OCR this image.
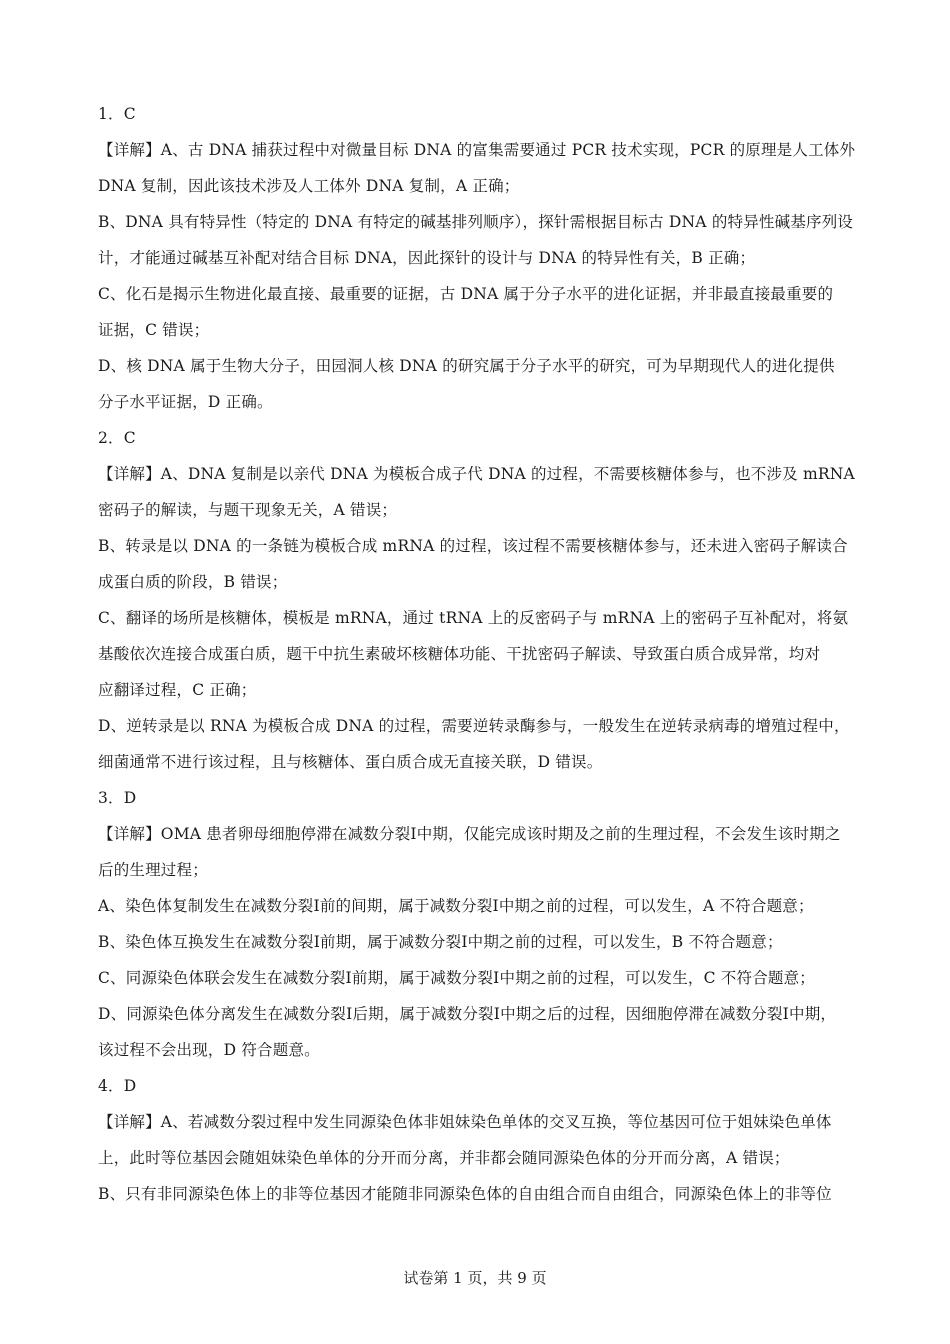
1．C
【详解】A、古 DNA 捕获过程中对微量目标 DNA 的富集需要通过 PCR 技术实现，PCR 的原理是人工体外
DNA 复制，因此该技术涉及人工体外 DNA 复制，A 正确；
B、DNA 具有特异性（特定的 DNA 有特定的碱基排列顺序），探针需根据目标古 DNA 的特异性碱基序列设
计，才能通过碱基互补配对结合目标 DNA，因此探针的设计与 DNA 的特异性有关，B 正确；
C、化石是揭示生物进化最直接、最重要的证据，古 DNA 属于分子水平的进化证据，并非最直接最重要的
证据，C 错误；
D、核 DNA 属于生物大分子，田园洞人核 DNA 的研究属于分子水平的研究，可为早期现代人的进化提供
分子水平证据，D 正确。
2．C
【详解】A、DNA 复制是以亲代 DNA 为模板合成子代 DNA 的过程，不需要核糖体参与，也不涉及 mRNA
密码子的解读，与题干现象无关，A 错误；
B、转录是以 DNA 的一条链为模板合成 mRNA 的过程，该过程不需要核糖体参与，还未进入密码子解读合
成蛋白质的阶段，B 错误；
C、翻译的场所是核糖体，模板是 mRNA，通过 tRNA 上的反密码子与 mRNA 上的密码子互补配对，将氨
基酸依次连接合成蛋白质，题干中抗生素破坏核糖体功能、干扰密码子解读、导致蛋白质合成异常，均对
应翻译过程，C 正确；
D、逆转录是以 RNA 为模板合成 DNA 的过程，需要逆转录酶参与，一般发生在逆转录病毒的增殖过程中，
细菌通常不进行该过程，且与核糖体、蛋白质合成无直接关联，D 错误。
3．D
【详解】OMA 患者卵母细胞停滞在减数分裂Ⅰ中期，仅能完成该时期及之前的生理过程，不会发生该时期之
后的生理过程；
A、染色体复制发生在减数分裂Ⅰ前的间期，属于减数分裂Ⅰ中期之前的过程，可以发生，A 不符合题意；
B、染色体互换发生在减数分裂Ⅰ前期，属于减数分裂Ⅰ中期之前的过程，可以发生，B 不符合题意；
C、同源染色体联会发生在减数分裂Ⅰ前期，属于减数分裂Ⅰ中期之前的过程，可以发生，C 不符合题意；
D、同源染色体分离发生在减数分裂Ⅰ后期，属于减数分裂Ⅰ中期之后的过程，因细胞停滞在减数分裂Ⅰ中期，
该过程不会出现，D 符合题意。
4．D
【详解】A、若减数分裂过程中发生同源染色体非姐妹染色单体的交叉互换，等位基因可位于姐妹染色单体
上，此时等位基因会随姐妹染色单体的分开而分离，并非都会随同源染色体的分开而分离，A 错误；
B、只有非同源染色体上的非等位基因才能随非同源染色体的自由组合而自由组合，同源染色体上的非等位
试卷第 1 页，共 9 页
